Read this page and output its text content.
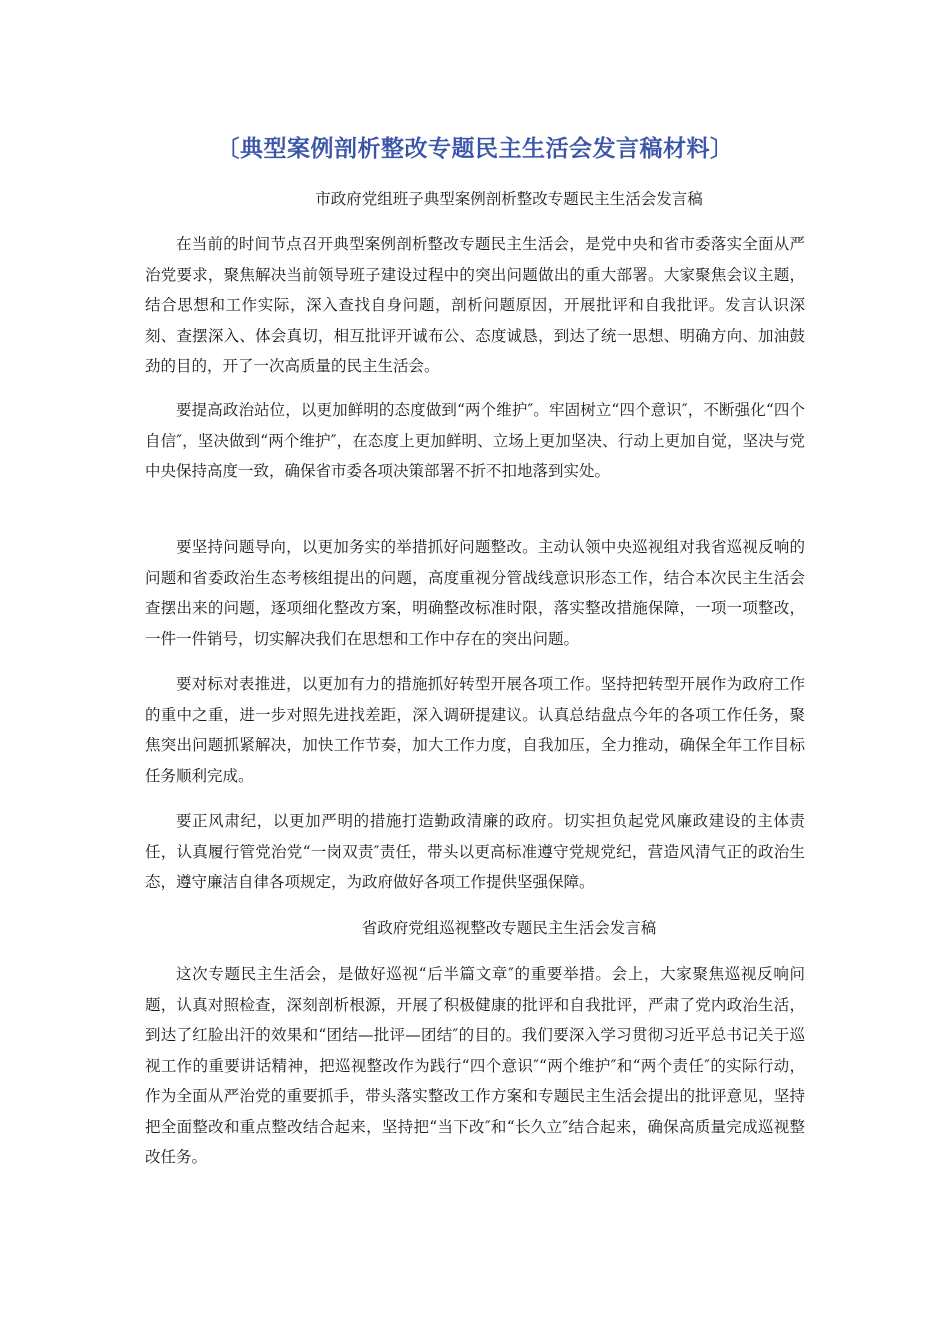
〔典型案例剖析整改专题民主生活会发言稿材料〕
市政府党组班子典型案例剖析整改专题民主生活会发言稿

在当前的时间节点召开典型案例剖析整改专题民主生活会，是党中央和省市委落实全面从严治党要求，聚焦解决当前领导班子建设过程中的突出问题做出的重大部署。大家聚焦会议主题，结合思想和工作实际，深入查找自身问题，剖析问题原因，开展批评和自我批评。发言认识深刻、查摆深入、体会真切，相互批评开诚布公、态度诚恳，到达了统一思想、明确方向、加油鼓劲的目的，开了一次高质量的民主生活会。

要提高政治站位，以更加鲜明的态度做到“两个维护″。牢固树立“四个意识″，不断强化“四个自信″，坚决做到“两个维护″，在态度上更加鲜明、立场上更加坚决、行动上更加自觉，坚决与党中央保持高度一致，确保省市委各项决策部署不折不扣地落到实处。

要坚持问题导向，以更加务实的举措抓好问题整改。主动认领中央巡视组对我省巡视反响的问题和省委政治生态考核组提出的问题，高度重视分管战线意识形态工作，结合本次民主生活会查摆出来的问题，逐项细化整改方案，明确整改标准时限，落实整改措施保障，一项一项整改，一件一件销号，切实解决我们在思想和工作中存在的突出问题。

要对标对表推进，以更加有力的措施抓好转型开展各项工作。坚持把转型开展作为政府工作的重中之重，进一步对照先进找差距，深入调研提建议。认真总结盘点今年的各项工作任务，聚焦突出问题抓紧解决，加快工作节奏，加大工作力度，自我加压，全力推动，确保全年工作目标任务顺利完成。

要正风肃纪，以更加严明的措施打造勤政清廉的政府。切实担负起党风廉政建设的主体责任，认真履行管党治党“一岗双责″责任，带头以更高标准遵守党规党纪，营造风清气正的政治生态，遵守廉洁自律各项规定，为政府做好各项工作提供坚强保障。

省政府党组巡视整改专题民主生活会发言稿

这次专题民主生活会，是做好巡视“后半篇文章″的重要举措。会上，大家聚焦巡视反响问题，认真对照检查，深刻剖析根源，开展了积极健康的批评和自我批评，严肃了党内政治生活，到达了红脸出汗的效果和“团结—批评—团结″的目的。我们要深入学习贯彻习近平总书记关于巡视工作的重要讲话精神，把巡视整改作为践行“四个意识″“两个维护″和“两个责任″的实际行动，作为全面从严治党的重要抓手，带头落实整改工作方案和专题民主生活会提出的批评意见，坚持把全面整改和重点整改结合起来，坚持把“当下改″和“长久立″结合起来，确保高质量完成巡视整改任务。
